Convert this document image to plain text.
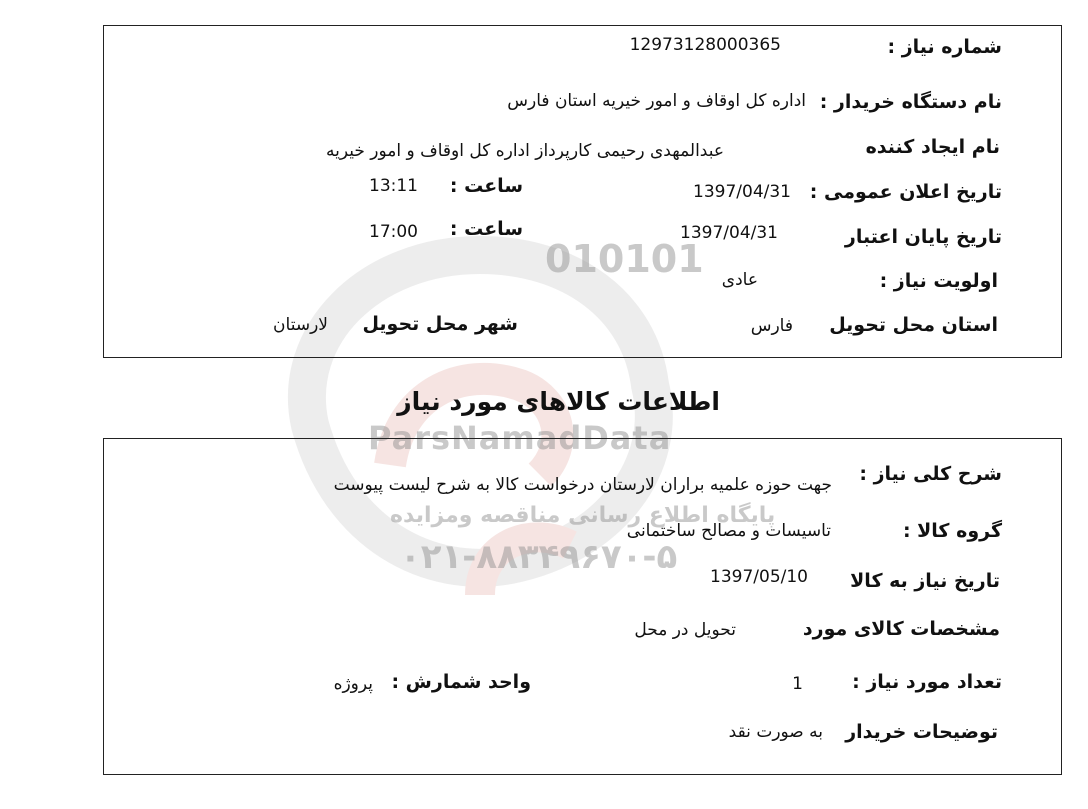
010101
ParsNamadData
پایگاه اطلاع رسانی مناقصه ومزایده
۰۲۱-۸۸۳۴۹۶۷۰-۵
شماره نیاز :
12973128000365
نام دستگاه خریدار :
اداره کل اوقاف و امور خیریه استان فارس
نام ایجاد کننده
عبدالمهدی رحیمی کارپرداز اداره کل اوقاف و امور خیریه
تاریخ اعلان عمومی :
1397/04/31
ساعت :
13:11
تاریخ پایان اعتبار
1397/04/31
ساعت :
17:00
اولویت نیاز :
عادی
استان محل تحویل
فارس
شهر محل تحویل
لارستان
اطلاعات کالاهای مورد نیاز
شرح کلی نیاز :
جهت حوزه علمیه براران لارستان درخواست کالا به شرح لیست پیوست
گروه کالا :
تاسیسات و مصالح ساختمانی
تاریخ نیاز به کالا
1397/05/10
مشخصات کالای مورد
تحویل در محل
تعداد مورد نیاز :
1
واحد شمارش :
پروژه
توضیحات خریدار
به صورت نقد
